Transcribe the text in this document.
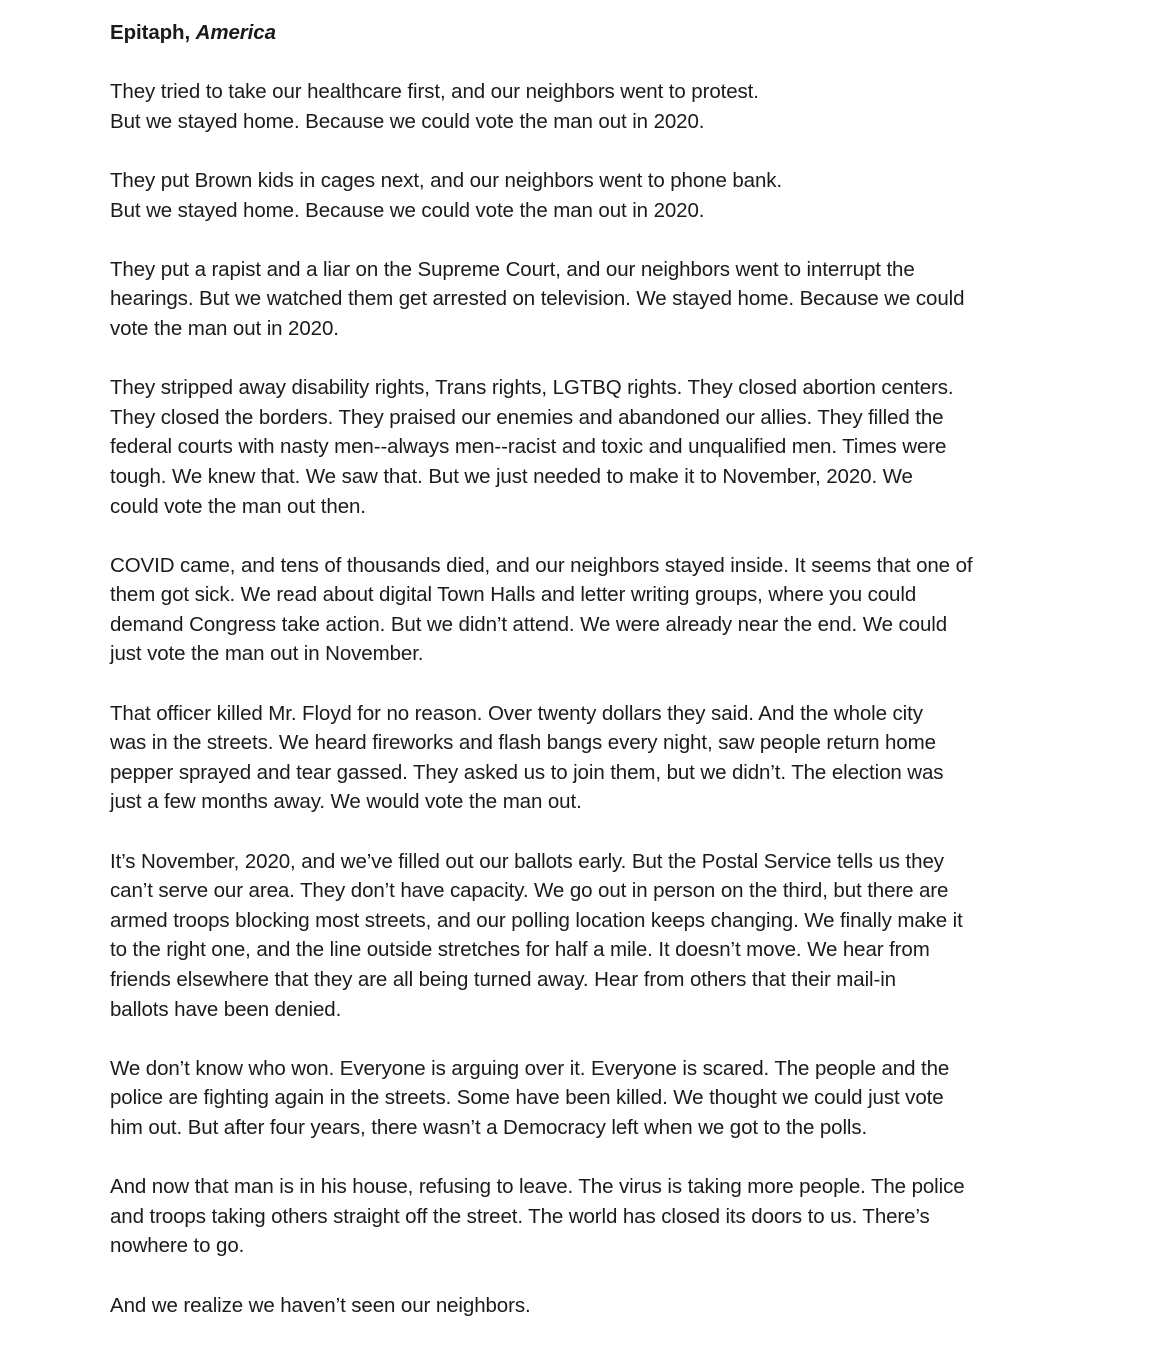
Epitaph, America
They tried to take our healthcare first, and our neighbors went to protest.
But we stayed home. Because we could vote the man out in 2020.
They put Brown kids in cages next, and our neighbors went to phone bank.
But we stayed home. Because we could vote the man out in 2020.
They put a rapist and a liar on the Supreme Court, and our neighbors went to interrupt the
hearings. But we watched them get arrested on television. We stayed home. Because we could
vote the man out in 2020.
They stripped away disability rights, Trans rights, LGTBQ rights. They closed abortion centers.
They closed the borders. They praised our enemies and abandoned our allies. They filled the
federal courts with nasty men--always men--racist and toxic and unqualified men. Times were
tough. We knew that. We saw that. But we just needed to make it to November, 2020. We
could vote the man out then.
COVID came, and tens of thousands died, and our neighbors stayed inside. It seems that one of
them got sick. We read about digital Town Halls and letter writing groups, where you could
demand Congress take action. But we didn’t attend. We were already near the end. We could
just vote the man out in November.
That officer killed Mr. Floyd for no reason. Over twenty dollars they said. And the whole city
was in the streets. We heard fireworks and flash bangs every night, saw people return home
pepper sprayed and tear gassed. They asked us to join them, but we didn’t. The election was
just a few months away. We would vote the man out.
It’s November, 2020, and we’ve filled out our ballots early. But the Postal Service tells us they
can’t serve our area. They don’t have capacity. We go out in person on the third, but there are
armed troops blocking most streets, and our polling location keeps changing. We finally make it
to the right one, and the line outside stretches for half a mile. It doesn’t move. We hear from
friends elsewhere that they are all being turned away. Hear from others that their mail-in
ballots have been denied.
We don’t know who won. Everyone is arguing over it. Everyone is scared. The people and the
police are fighting again in the streets. Some have been killed. We thought we could just vote
him out. But after four years, there wasn’t a Democracy left when we got to the polls.
And now that man is in his house, refusing to leave. The virus is taking more people. The police
and troops taking others straight off the street. The world has closed its doors to us. There’s
nowhere to go.
And we realize we haven’t seen our neighbors.
